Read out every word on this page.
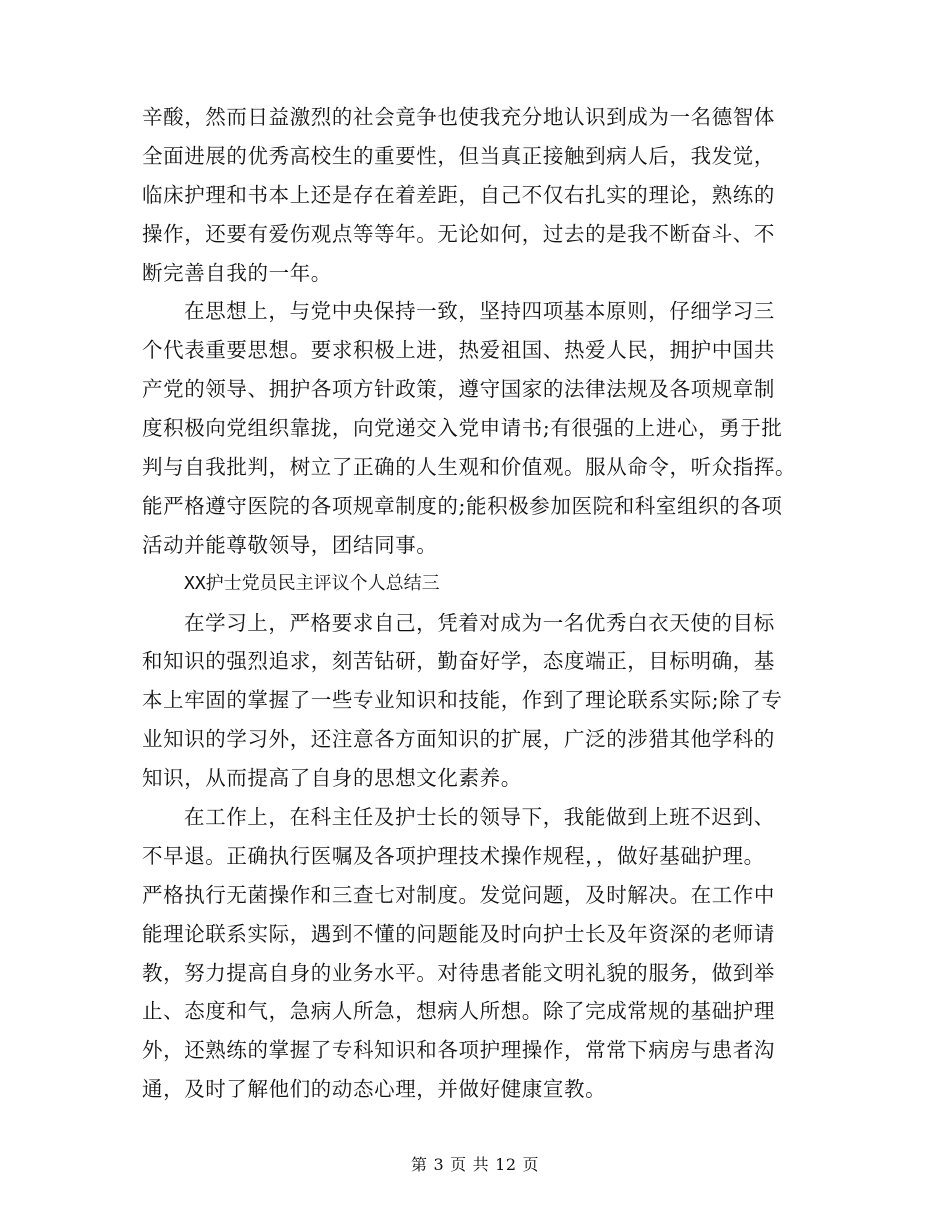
辛酸，然而日益激烈的社会竟争也使我充分地认识到成为一名德智体
全面进展的优秀高校生的重要性，但当真正接触到病人后，我发觉，
临床护理和书本上还是存在着差距，自己不仅右扎实的理论，熟练的
操作，还要有爱伤观点等等年。无论如何，过去的是我不断奋斗、不
断完善自我的一年。
在思想上，与党中央保持一致，坚持四项基本原则，仔细学习三
个代表重要思想。要求积极上进，热爱祖国、热爱人民，拥护中国共
产党的领导、拥护各项方针政策，遵守国家的法律法规及各项规章制
度积极向党组织靠拢，向党递交入党申请书;有很强的上进心，勇于批
判与自我批判，树立了正确的人生观和价值观。服从命令，听众指挥。
能严格遵守医院的各项规章制度的;能积极参加医院和科室组织的各项
活动并能尊敬领导，团结同事。
XX护士党员民主评议个人总结三
在学习上，严格要求自己，凭着对成为一名优秀白衣天使的目标
和知识的强烈追求，刻苦钻研，勤奋好学，态度端正，目标明确，基
本上牢固的掌握了一些专业知识和技能，作到了理论联系实际;除了专
业知识的学习外，还注意各方面知识的扩展，广泛的涉猎其他学科的
知识，从而提高了自身的思想文化素养。
在工作上，在科主任及护士长的领导下，我能做到上班不迟到、
不早退。正确执行医嘱及各项护理技术操作规程，，做好基础护理。
严格执行无菌操作和三查七对制度。发觉问题，及时解决。在工作中
能理论联系实际，遇到不懂的问题能及时向护士长及年资深的老师请
教，努力提高自身的业务水平。对待患者能文明礼貌的服务，做到举
止、态度和气，急病人所急，想病人所想。除了完成常规的基础护理
外，还熟练的掌握了专科知识和各项护理操作，常常下病房与患者沟
通，及时了解他们的动态心理，并做好健康宣教。
第 3 页 共 12 页
